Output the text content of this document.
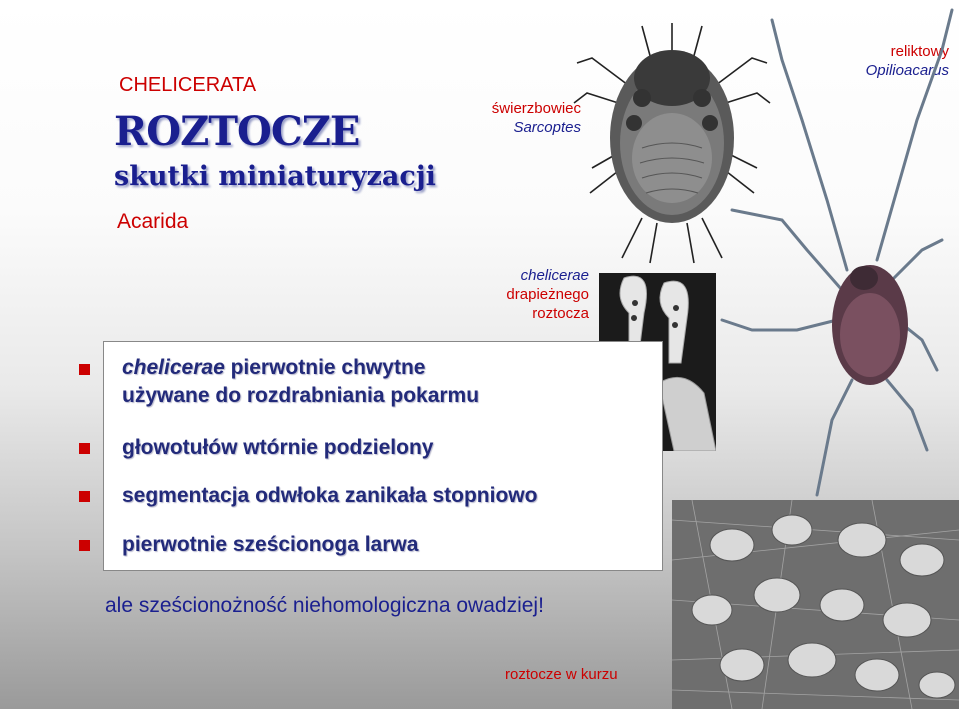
CHELICERATA
ROZTOCZE
skutki miniaturyzacji
Acarida
świerzbowiec
Sarcoptes
reliktowy
Opilioacarus
chelicerae
drapieżnego
roztocza
chelicerae pierwotnie chwytne
używane do rozdrabniania pokarmu
głowotułów wtórnie podzielony
segmentacja odwłoka zanikała stopniowo
pierwotnie sześcionoga larwa
ale sześcionożność niehomologiczna owadziej!
roztocze w kurzu
